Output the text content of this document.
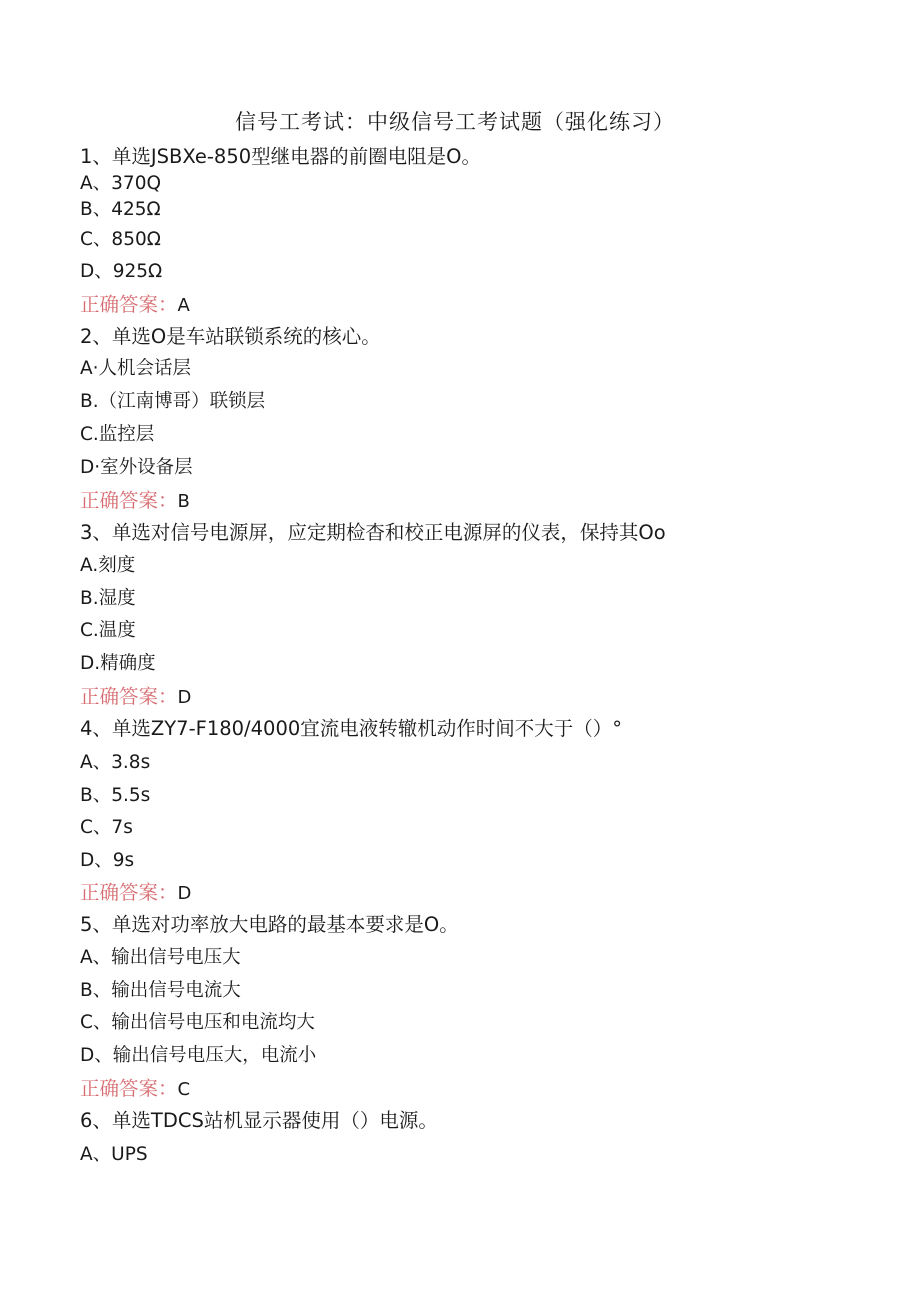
信号工考试：中级信号工考试题（强化练习）
1、单选JSBXe-850型继电器的前圈电阻是O。
A、370Q
B、425Ω
C、850Ω
D、925Ω
正确答案：A
2、单选O是车站联锁系统的核心。
A·人机会话层
B.（江南博哥）联锁层
C.监控层
D·室外设备层
正确答案：B
3、单选对信号电源屏，应定期检杳和校正电源屏的仪表，保持其Oo
A.刻度
B.湿度
C.温度
D.精确度
正确答案：D
4、单选ZY7-F180/4000宜流电液转辙机动作时间不大于（）°
A、3.8s
B、5.5s
C、7s
D、9s
正确答案：D
5、单选对功率放大电路的最基本要求是O。
A、输出信号电压大
B、输出信号电流大
C、输出信号电压和电流均大
D、输出信号电压大，电流小
正确答案：C
6、单选TDCS站机显示器使用（）电源。
A、UPS
